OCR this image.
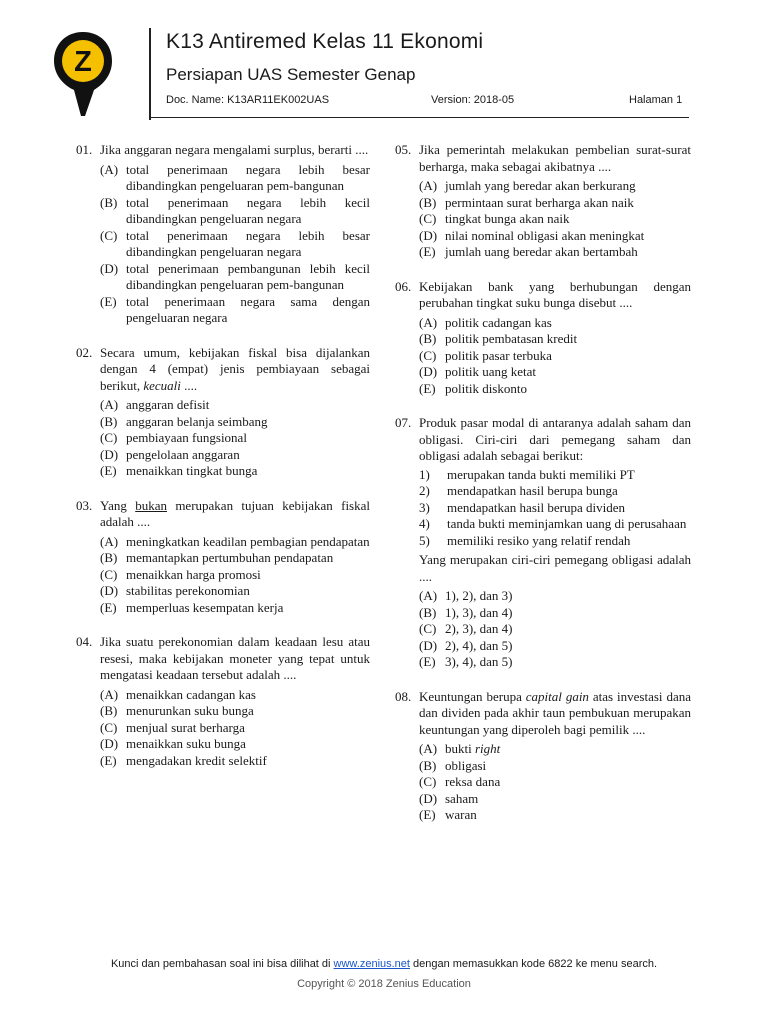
Z
K13 Antiremed Kelas 11 Ekonomi
Persiapan UAS Semester Genap
Doc. Name: K13AR11EK002UAS	Version: 2018-05	Halaman 1
01. Jika anggaran negara mengalami surplus, berarti ....
(A) total penerimaan negara lebih besar dibandingkan pengeluaran pem-bangunan
(B) total penerimaan negara lebih kecil dibandingkan pengeluaran negara
(C) total penerimaan negara lebih besar dibandingkan pengeluaran negara
(D) total penerimaan pembangunan lebih kecil dibandingkan pengeluaran pem-bangunan
(E) total penerimaan negara sama dengan pengeluaran negara
02. Secara umum, kebijakan fiskal bisa dijalankan dengan 4 (empat) jenis pembiayaan sebagai berikut, kecuali ....
(A) anggaran defisit
(B) anggaran belanja seimbang
(C) pembiayaan fungsional
(D) pengelolaan anggaran
(E) menaikkan tingkat bunga
03. Yang bukan merupakan tujuan kebijakan fiskal adalah ....
(A) meningkatkan keadilan pembagian pendapatan
(B) memantapkan pertumbuhan pendapatan
(C) menaikkan harga promosi
(D) stabilitas perekonomian
(E) memperluas kesempatan kerja
04. Jika suatu perekonomian dalam keadaan lesu atau resesi, maka kebijakan moneter yang tepat untuk mengatasi keadaan tersebut adalah ....
(A) menaikkan cadangan kas
(B) menurunkan suku bunga
(C) menjual surat berharga
(D) menaikkan suku bunga
(E) mengadakan kredit selektif
05. Jika pemerintah melakukan pembelian surat-surat berharga, maka sebagai akibatnya ....
(A) jumlah yang beredar akan berkurang
(B) permintaan surat berharga akan naik
(C) tingkat bunga akan naik
(D) nilai nominal obligasi akan meningkat
(E) jumlah uang beredar akan bertambah
06. Kebijakan bank yang berhubungan dengan perubahan tingkat suku bunga disebut ....
(A) politik cadangan kas
(B) politik pembatasan kredit
(C) politik pasar terbuka
(D) politik uang ketat
(E) politik diskonto
07. Produk pasar modal di antaranya adalah saham dan obligasi. Ciri-ciri dari pemegang saham dan obligasi adalah sebagai berikut:
1)	merupakan tanda bukti memiliki PT
2)	mendapatkan hasil berupa bunga
3)	mendapatkan hasil berupa dividen
4)	tanda bukti meminjamkan uang di perusahaan
5)	memiliki resiko yang relatif rendah
Yang merupakan ciri-ciri pemegang obligasi adalah ....
(A) 1), 2), dan 3)
(B) 1), 3), dan 4)
(C) 2), 3), dan 4)
(D) 2), 4), dan 5)
(E) 3), 4), dan 5)
08. Keuntungan berupa capital gain atas investasi dana dan dividen pada akhir taun pembukuan merupakan keuntungan yang diperoleh bagi pemilik ....
(A) bukti right
(B) obligasi
(C) reksa dana
(D) saham
(E) waran
Kunci dan pembahasan soal ini bisa dilihat di www.zenius.net dengan memasukkan kode 6822 ke menu search.
Copyright © 2018 Zenius Education
